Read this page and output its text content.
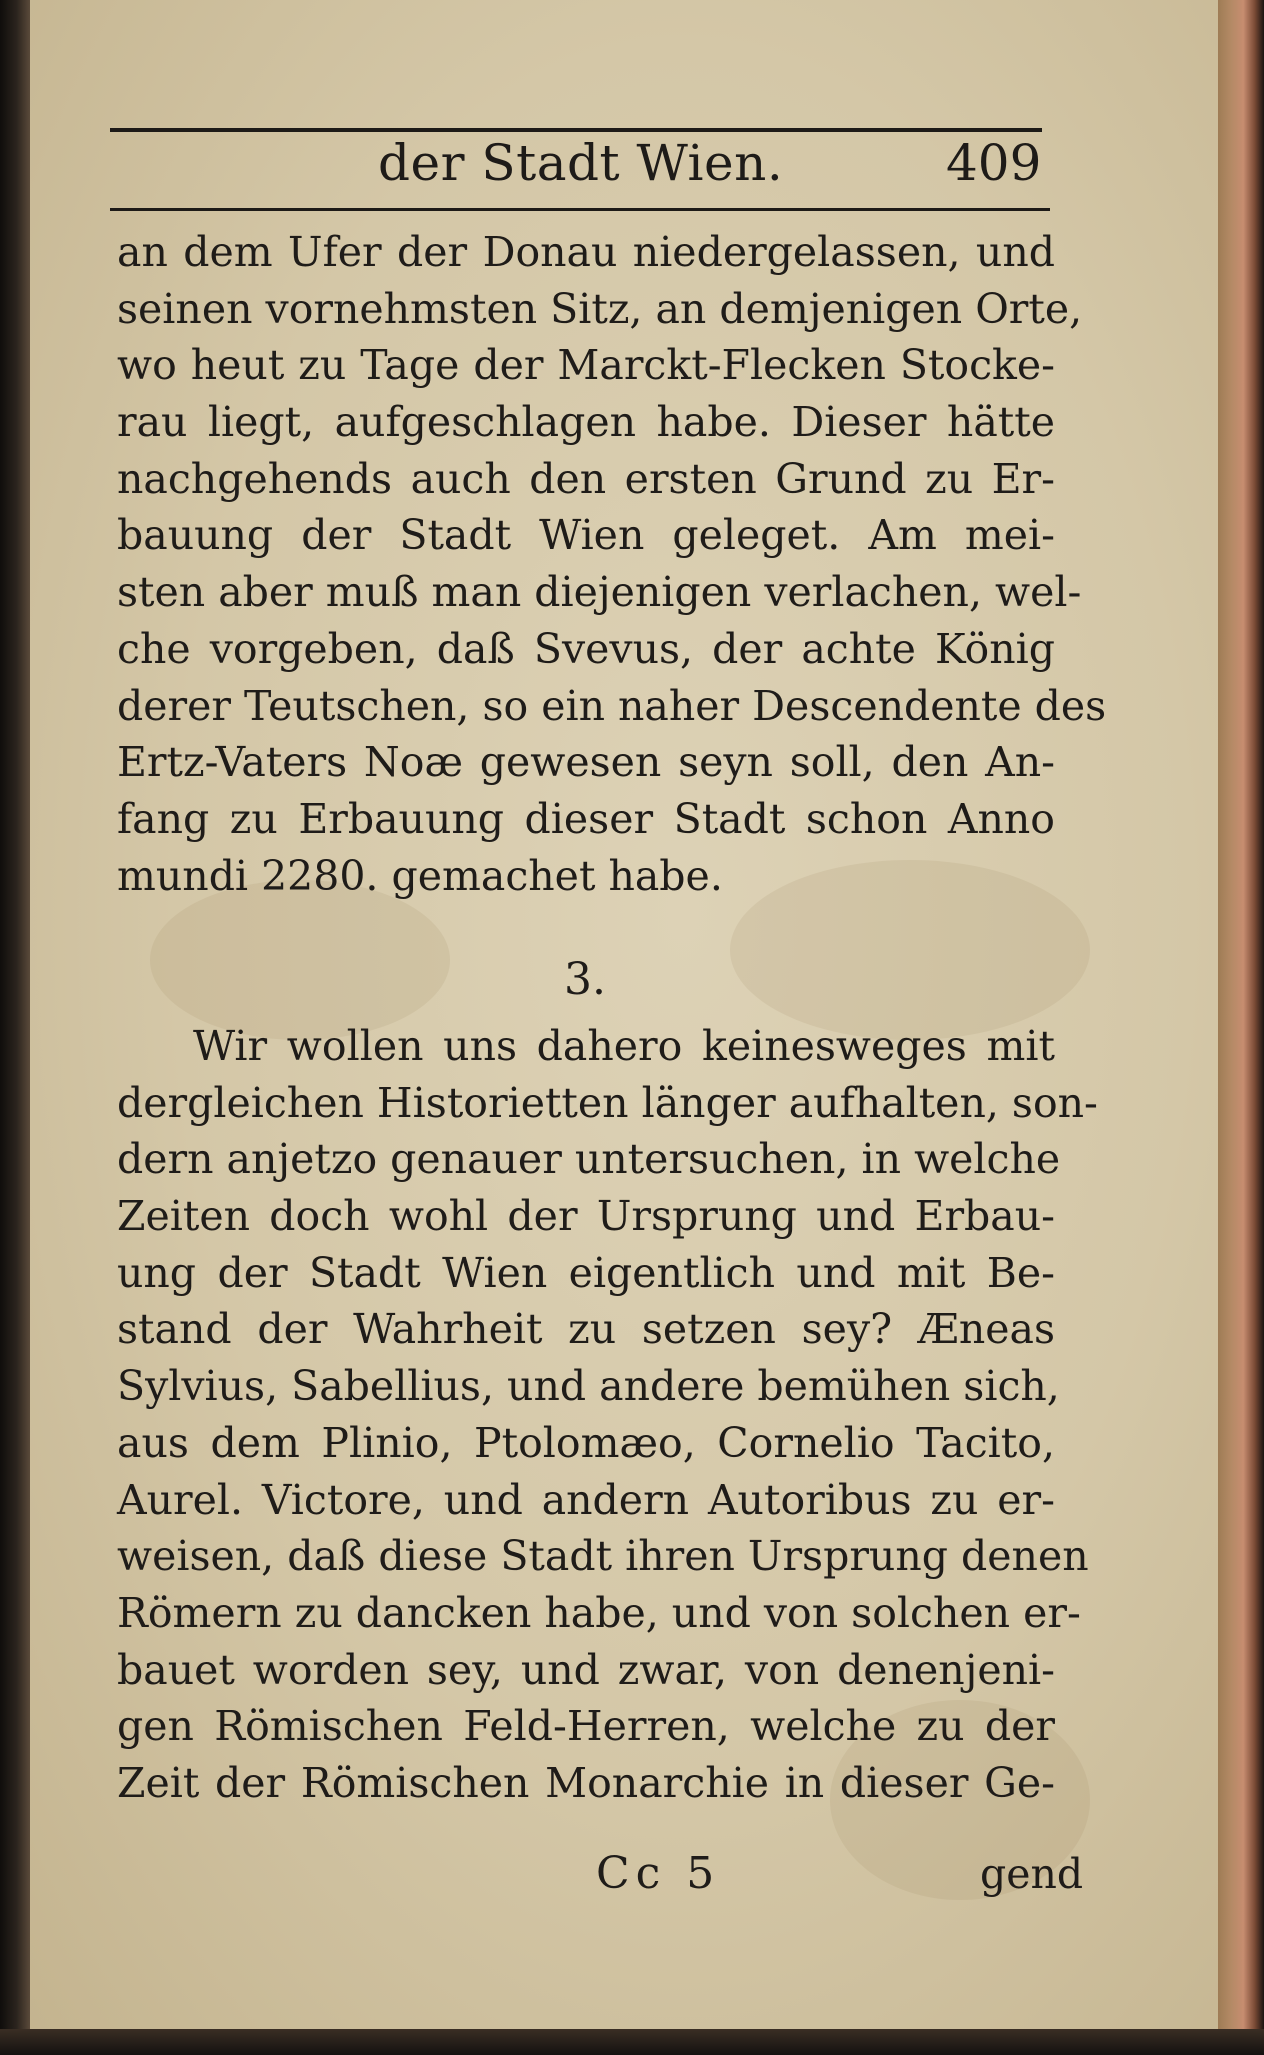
der Stadt Wien.	409
an dem Ufer der Donau niedergelassen, und
seinen vornehmsten Sitz, an demjenigen Orte,
wo heut zu Tage der Marckt-Flecken Stocke-
rau liegt, aufgeschlagen habe. Dieser hätte
nachgehends auch den ersten Grund zu Er-
bauung der Stadt Wien geleget. Am mei-
sten aber muß man diejenigen verlachen, wel-
che vorgeben, daß Svevus, der achte König
derer Teutschen, so ein naher Descendente des
Ertz-Vaters Noæ gewesen seyn soll, den An-
fang zu Erbauung dieser Stadt schon Anno
mundi 2280. gemachet habe.
3.
Wir wollen uns dahero keinesweges mit
dergleichen Historietten länger aufhalten, son-
dern anjetzo genauer untersuchen, in welche
Zeiten doch wohl der Ursprung und Erbau-
ung der Stadt Wien eigentlich und mit Be-
stand der Wahrheit zu setzen sey? Æneas
Sylvius, Sabellius, und andere bemühen sich,
aus dem Plinio, Ptolomæo, Cornelio Tacito,
Aurel. Victore, und andern Autoribus zu er-
weisen, daß diese Stadt ihren Ursprung denen
Römern zu dancken habe, und von solchen er-
bauet worden sey, und zwar, von denenjeni-
gen Römischen Feld-Herren, welche zu der
Zeit der Römischen Monarchie in dieser Ge-
Cc 5	gend
